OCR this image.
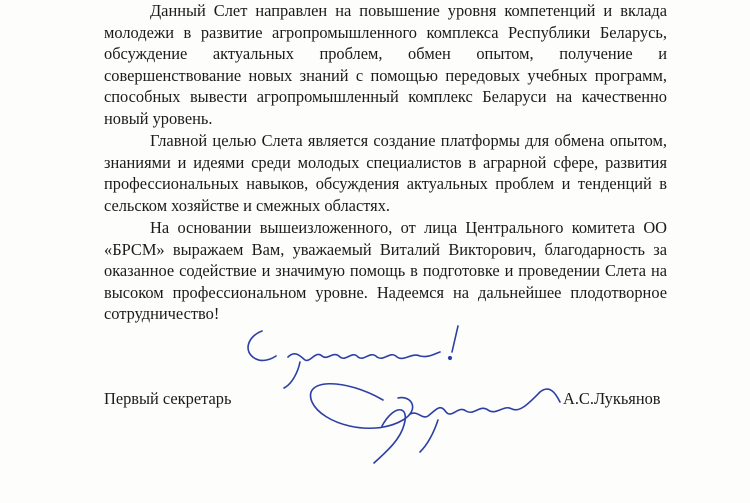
Данный Слет направлен на повышение уровня компетенций и вклада молодежи в развитие агропромышленного комплекса Республики Беларусь, обсуждение актуальных проблем, обмен опытом, получение и совершенствование новых знаний с помощью передовых учебных программ, способных вывести агропромышленный комплекс Беларуси на качественно новый уровень.

Главной целью Слета является создание платформы для обмена опытом, знаниями и идеями среди молодых специалистов в аграрной сфере, развития профессиональных навыков, обсуждения актуальных проблем и тенденций в сельском хозяйстве и смежных областях.

На основании вышеизложенного, от лица Центрального комитета ОО «БРСМ» выражаем Вам, уважаемый Виталий Викторович, благодарность за оказанное содействие и значимую помощь в подготовке и проведении Слета на высоком профессиональном уровне. Надеемся на дальнейшее плодотворное сотрудничество!

Первый секретарь	А.С.Лукьянов
